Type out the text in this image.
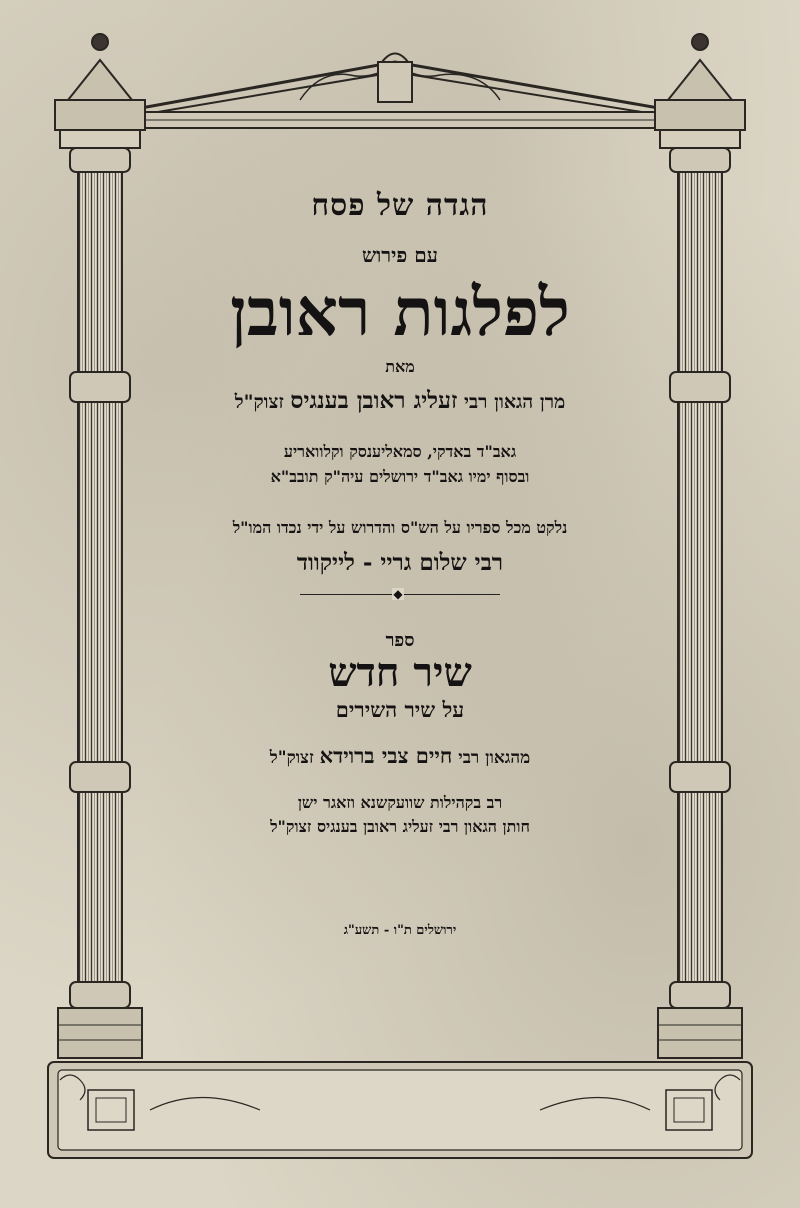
הגדה של פסח
עם פירוש
לפלגות ראובן
מאת
מרן הגאון רבי זעליג ראובן בענגיס זצוק"ל
גאב"ד באדקי, סמאליענסק וקלוואריע
ובסוף ימיו גאב"ד ירושלים עיה"ק תובב"א
נלקט מכל ספריו על הש"ס והדרוש על ידי נכדו המו"ל
רבי שלום גריי - לייקווד
◆
ספר
שיר חדש
על שיר השירים
מהגאון רבי חיים צבי ברוידא זצוק"ל
רב בקהילות שוועקשנא וזאגר ישן
חותן הגאון רבי זעליג ראובן בענגיס זצוק"ל
ירושלים ת"ו - תשע"ג
